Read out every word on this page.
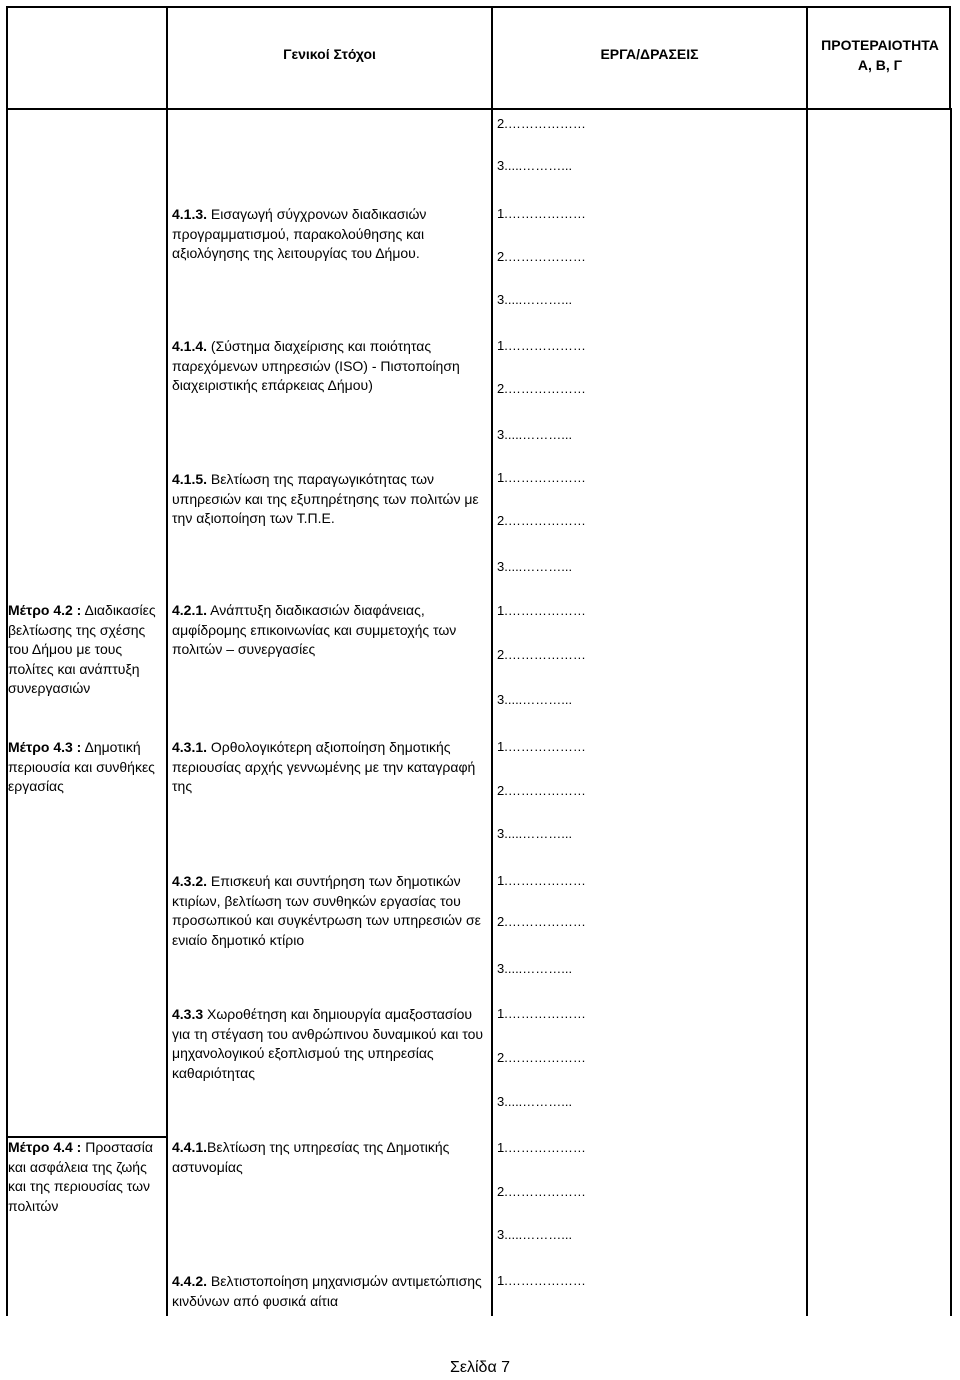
Γενικοί Στόχοι	ΕΡΓΑ/ΔΡΑΣΕΙΣ
ΠΡΟΤΕΡΑΙΟΤΗΤΑ
Α, Β, Γ
2.………………
3.....………...
4.1.3. Εισαγωγή σύγχρονων διαδικασιών προγραμματισμού, παρακολούθησης και αξιολόγησης της λειτουργίας του Δήμου.
1.………………
2.………………
3.....………...
4.1.4. (Σύστημα διαχείρισης και ποιότητας παρεχόμενων υπηρεσιών (ISO) - Πιστοποίηση διαχειριστικής επάρκειας Δήμου)
1.………………
2.………………
3.....………...
4.1.5. Βελτίωση της παραγωγικότητας των υπηρεσιών και της εξυπηρέτησης των πολιτών με την αξιοποίηση των Τ.Π.Ε.
1.………………
2.………………
3.....………...
Μέτρο 4.2 : Διαδικασίες βελτίωσης της σχέσης του Δήμου με τους πολίτες και ανάπτυξη συνεργασιών
4.2.1. Ανάπτυξη διαδικασιών διαφάνειας, αμφίδρομης επικοινωνίας και συμμετοχής των πολιτών – συνεργασίες
1.………………
2.………………
3.....………...
Μέτρο 4.3 : Δημοτική περιουσία και συνθήκες εργασίας
4.3.1. Ορθολογικότερη αξιοποίηση δημοτικής περιουσίας αρχής γεννωμένης με την καταγραφή της
1.………………
2.………………
3.....………...
4.3.2. Επισκευή και συντήρηση των δημοτικών κτιρίων, βελτίωση των συνθηκών εργασίας του προσωπικού και συγκέντρωση των υπηρεσιών σε ενιαίο δημοτικό κτίριο
1.………………
2.………………
3.....………...
4.3.3 Χωροθέτηση και δημιουργία αμαξοστασίου για τη στέγαση του ανθρώπινου δυναμικού και του μηχανολογικού εξοπλισμού της υπηρεσίας καθαριότητας
1.………………
2.………………
3.....………...
Μέτρο 4.4 : Προστασία και ασφάλεια της ζωής και της περιουσίας των πολιτών
4.4.1.Βελτίωση της υπηρεσίας της Δημοτικής αστυνομίας
1.………………
2.………………
3.....………...
4.4.2. Βελτιστοποίηση μηχανισμών αντιμετώπισης κινδύνων από φυσικά αίτια
1.………………
Σελίδα 7
